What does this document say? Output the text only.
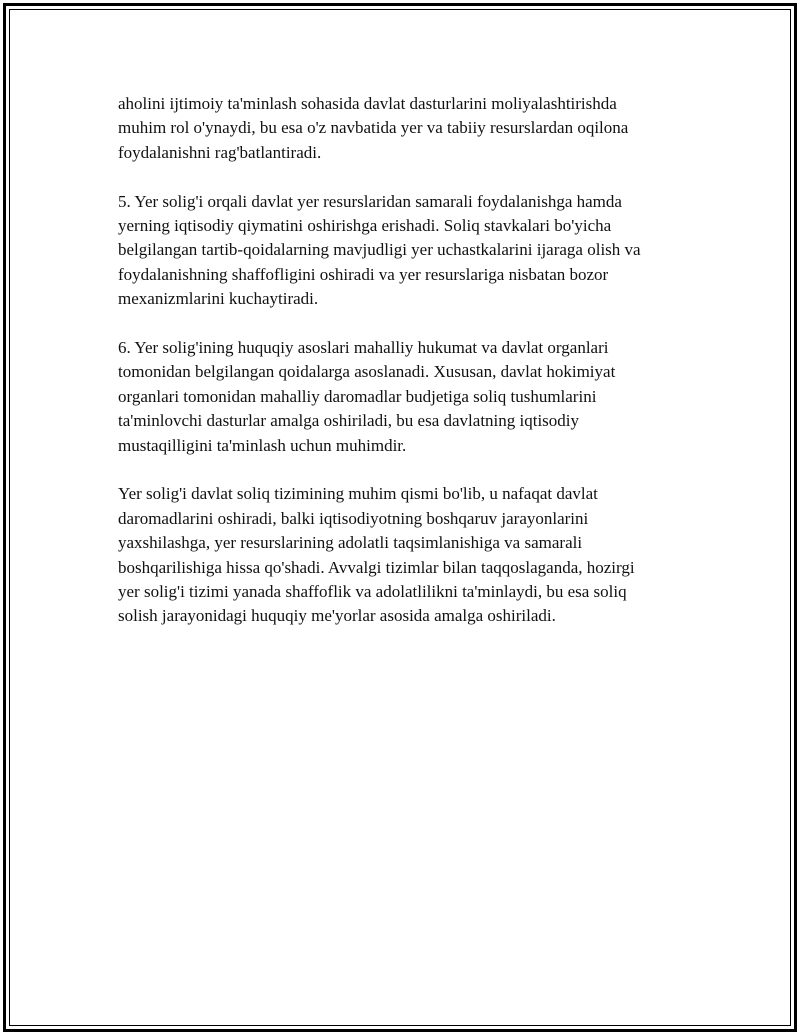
aholini ijtimoiy ta'minlash sohasida davlat dasturlarini moliyalashtirishda
muhim rol o'ynaydi, bu esa o'z navbatida yer va tabiiy resurslardan oqilona
foydalanishni rag'batlantiradi.

5. Yer solig'i orqali davlat yer resurslaridan samarali foydalanishga hamda
yerning iqtisodiy qiymatini oshirishga erishadi. Soliq stavkalari bo'yicha
belgilangan tartib-qoidalarning mavjudligi yer uchastkalarini ijaraga olish va
foydalanishning shaffofligini oshiradi va yer resurslariga nisbatan bozor
mexanizmlarini kuchaytiradi.

6. Yer solig'ining huquqiy asoslari mahalliy hukumat va davlat organlari
tomonidan belgilangan qoidalarga asoslanadi. Xususan, davlat hokimiyat
organlari tomonidan mahalliy daromadlar budjetiga soliq tushumlarini
ta'minlovchi dasturlar amalga oshiriladi, bu esa davlatning iqtisodiy
mustaqilligini ta'minlash uchun muhimdir.

Yer solig'i davlat soliq tizimining muhim qismi bo'lib, u nafaqat davlat
daromadlarini oshiradi, balki iqtisodiyotning boshqaruv jarayonlarini
yaxshilashga, yer resurslarining adolatli taqsimlanishiga va samarali
boshqarilishiga hissa qo'shadi. Avvalgi tizimlar bilan taqqoslaganda, hozirgi
yer solig'i tizimi yanada shaffoflik va adolatlilikni ta'minlaydi, bu esa soliq
solish jarayonidagi huquqiy me'yorlar asosida amalga oshiriladi.
